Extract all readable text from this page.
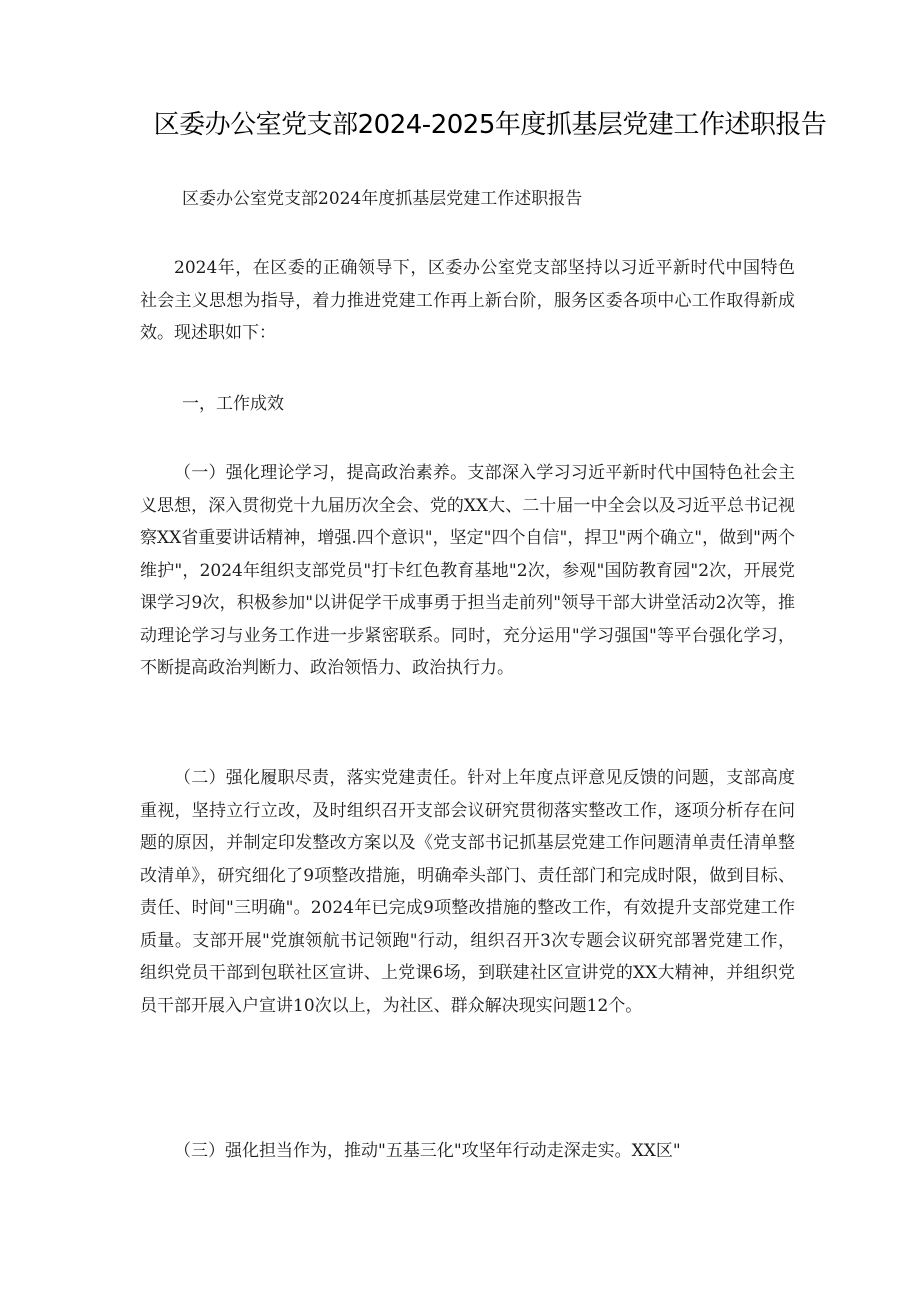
区委办公室党支部2024-2025年度抓基层党建工作述职报告
区委办公室党支部2024年度抓基层党建工作述职报告

2024年，在区委的正确领导下，区委办公室党支部坚持以习近平新时代中国特色社会主义思想为指导，着力推进党建工作再上新台阶，服务区委各项中心工作取得新成效。现述职如下：

一，工作成效

（一）强化理论学习，提高政治素养。支部深入学习习近平新时代中国特色社会主义思想，深入贯彻党十九届历次全会、党的XX大、二十届一中全会以及习近平总书记视察XX省重要讲话精神，增强.四个意识"，坚定"四个自信"，捍卫"两个确立"，做到"两个维护"，2024年组织支部党员"打卡红色教育基地"2次，参观"国防教育园"2次，开展党课学习9次，积极参加"以讲促学干成事勇于担当走前列"领导干部大讲堂活动2次等，推动理论学习与业务工作进一步紧密联系。同时，充分运用"学习强国"等平台强化学习，不断提高政治判断力、政治领悟力、政治执行力。

（二）强化履职尽责，落实党建责任。针对上年度点评意见反馈的问题，支部高度重视，坚持立行立改，及时组织召开支部会议研究贯彻落实整改工作，逐项分析存在问题的原因，并制定印发整改方案以及《党支部书记抓基层党建工作问题清单责任清单整改清单》，研究细化了9项整改措施，明确牵头部门、责任部门和完成时限，做到目标、责任、时间"三明确"。2024年已完成9项整改措施的整改工作，有效提升支部党建工作质量。支部开展"党旗领航书记领跑"行动，组织召开3次专题会议研究部署党建工作，组织党员干部到包联社区宣讲、上党课6场，到联建社区宣讲党的XX大精神，并组织党员干部开展入户宣讲10次以上，为社区、群众解决现实问题12个。

（三）强化担当作为，推动"五基三化"攻坚年行动走深走实。XX区"
